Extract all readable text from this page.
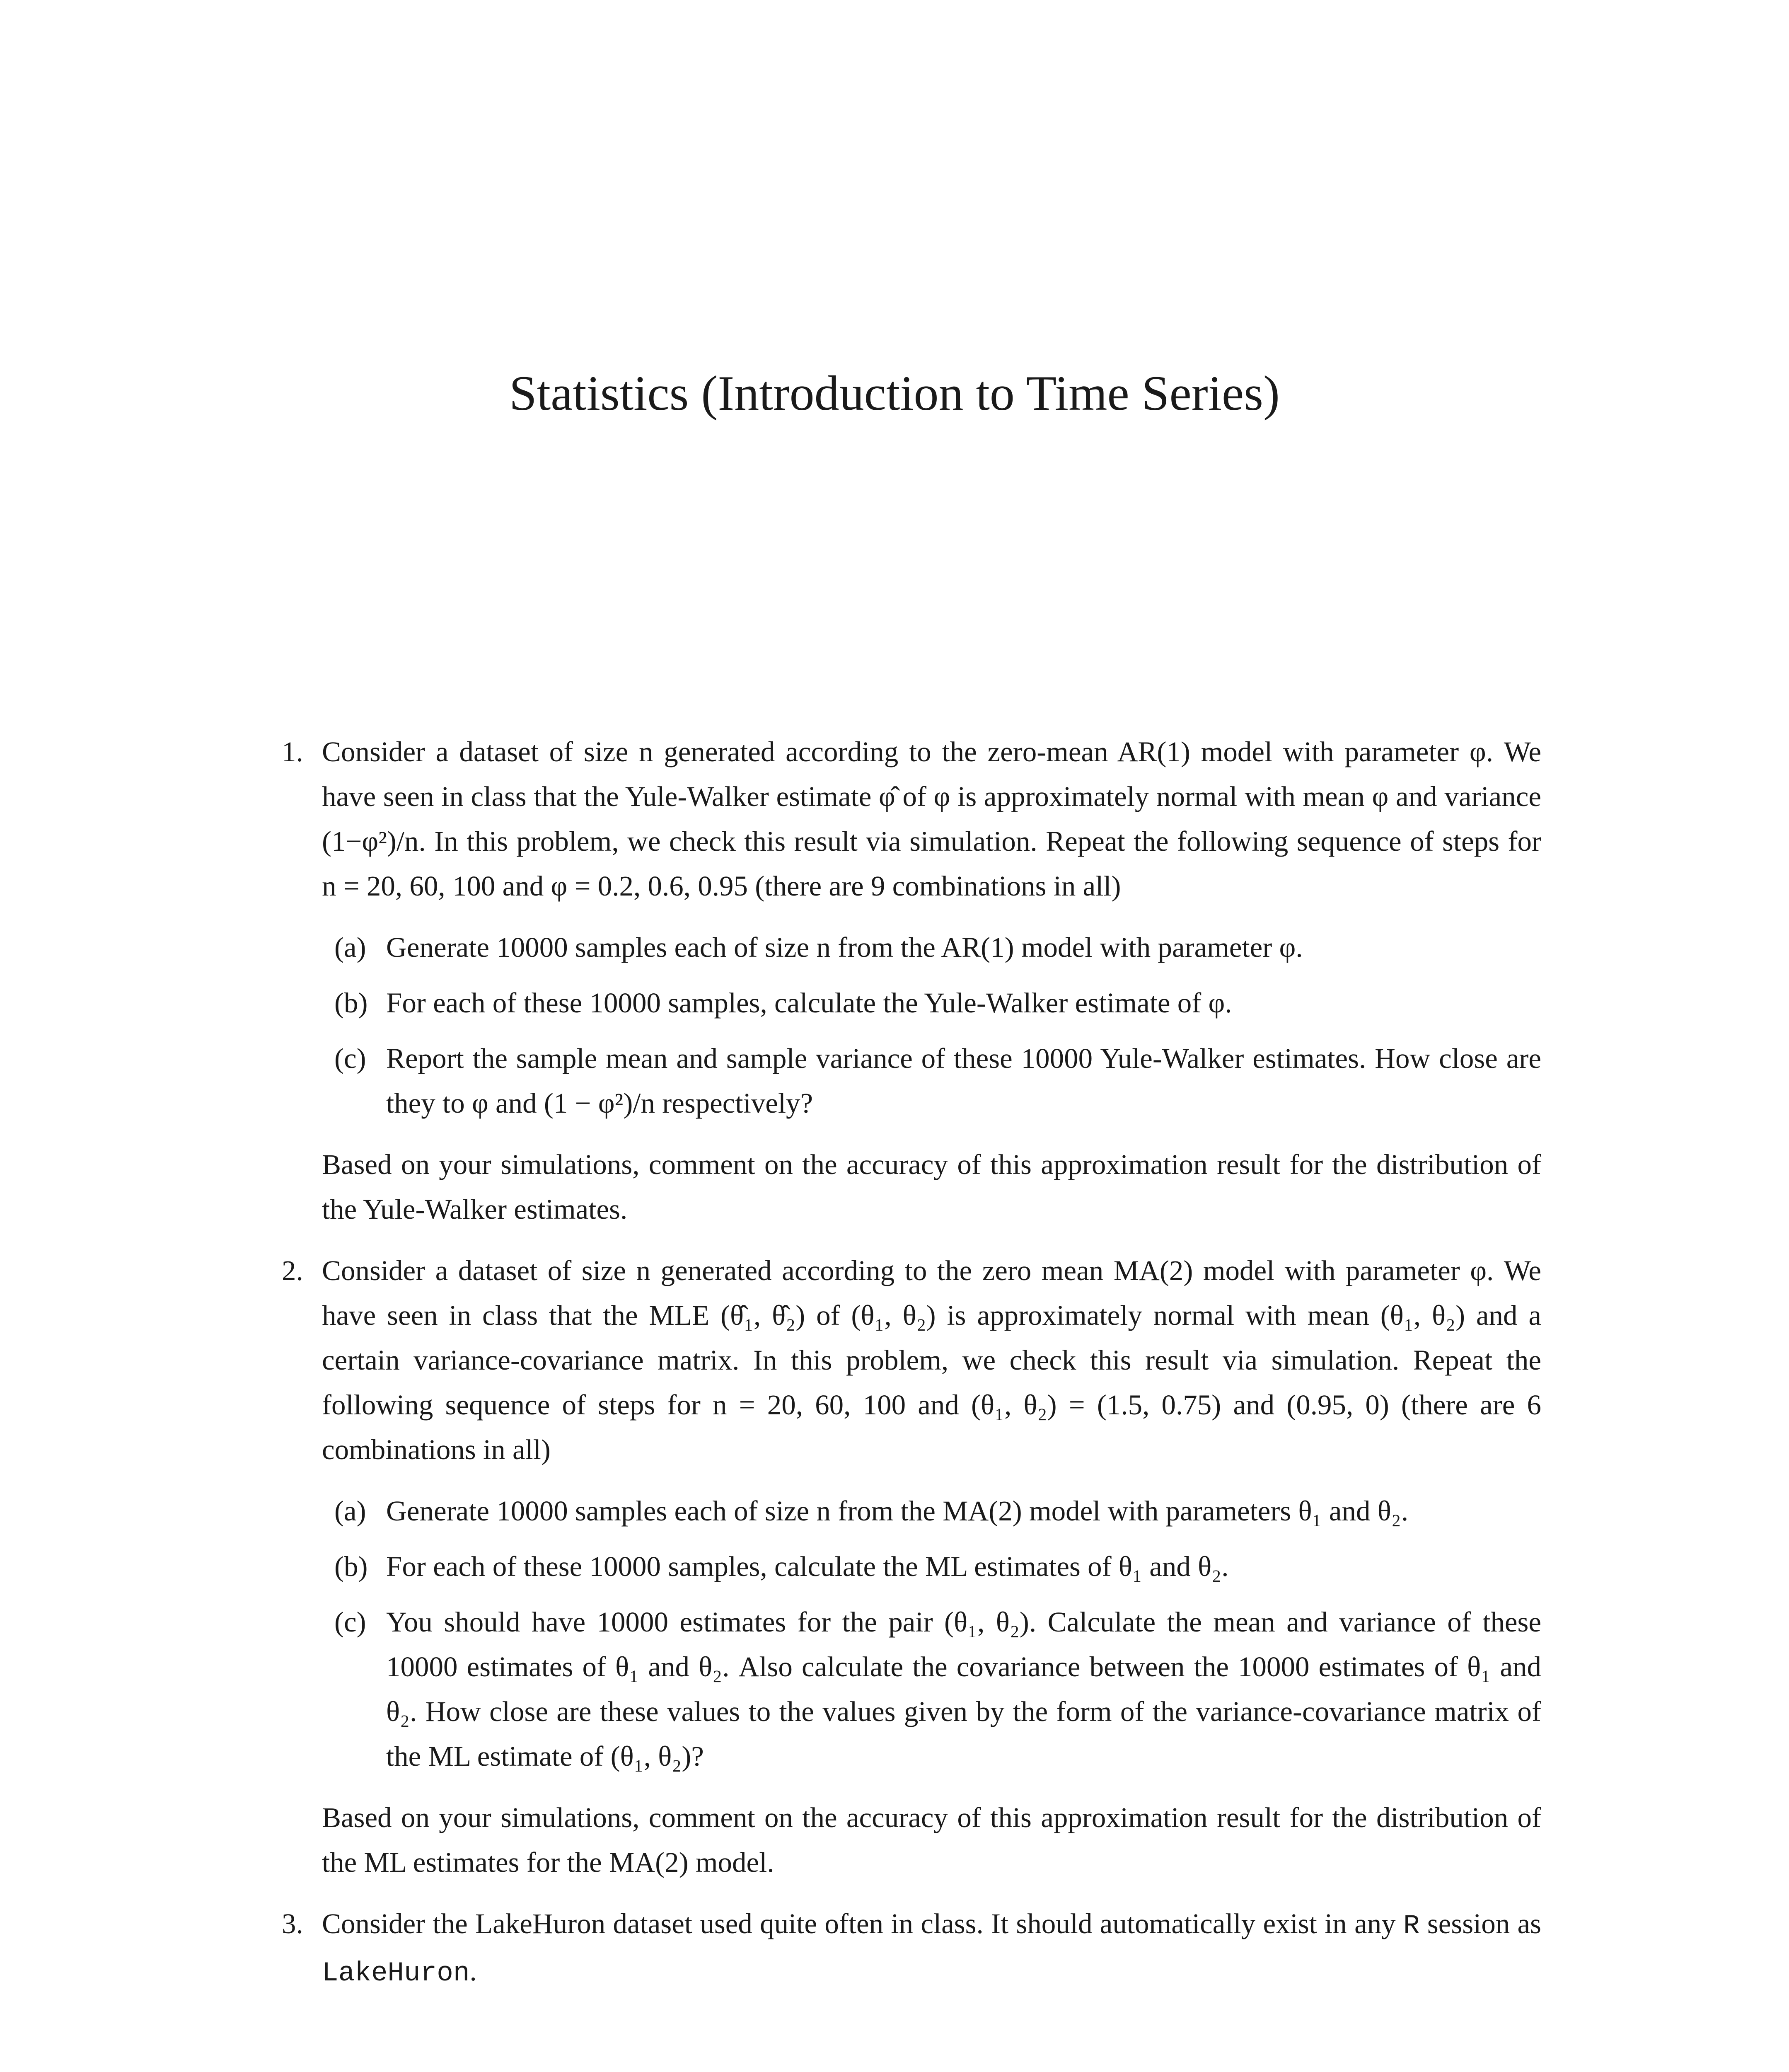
Statistics (Introduction to Time Series)
1. Consider a dataset of size n generated according to the zero-mean AR(1) model with parameter φ. We have seen in class that the Yule-Walker estimate φ̂ of φ is approximately normal with mean φ and variance (1−φ²)/n. In this problem, we check this result via simulation. Repeat the following sequence of steps for n = 20, 60, 100 and φ = 0.2, 0.6, 0.95 (there are 9 combinations in all)
(a) Generate 10000 samples each of size n from the AR(1) model with parameter φ.
(b) For each of these 10000 samples, calculate the Yule-Walker estimate of φ.
(c) Report the sample mean and sample variance of these 10000 Yule-Walker estimates. How close are they to φ and (1 − φ²)/n respectively?
Based on your simulations, comment on the accuracy of this approximation result for the distribution of the Yule-Walker estimates.
2. Consider a dataset of size n generated according to the zero mean MA(2) model with parameter φ. We have seen in class that the MLE (θ̂₁, θ̂₂) of (θ₁, θ₂) is approximately normal with mean (θ₁, θ₂) and a certain variance-covariance matrix. In this problem, we check this result via simulation. Repeat the following sequence of steps for n = 20, 60, 100 and (θ₁, θ₂) = (1.5, 0.75) and (0.95, 0) (there are 6 combinations in all)
(a) Generate 10000 samples each of size n from the MA(2) model with parameters θ₁ and θ₂.
(b) For each of these 10000 samples, calculate the ML estimates of θ₁ and θ₂.
(c) You should have 10000 estimates for the pair (θ₁, θ₂). Calculate the mean and variance of these 10000 estimates of θ₁ and θ₂. Also calculate the covariance between the 10000 estimates of θ₁ and θ₂. How close are these values to the values given by the form of the variance-covariance matrix of the ML estimate of (θ₁, θ₂)?
Based on your simulations, comment on the accuracy of this approximation result for the distribution of the ML estimates for the MA(2) model.
3. Consider the LakeHuron dataset used quite often in class. It should automatically exist in any R session as LakeHuron.
